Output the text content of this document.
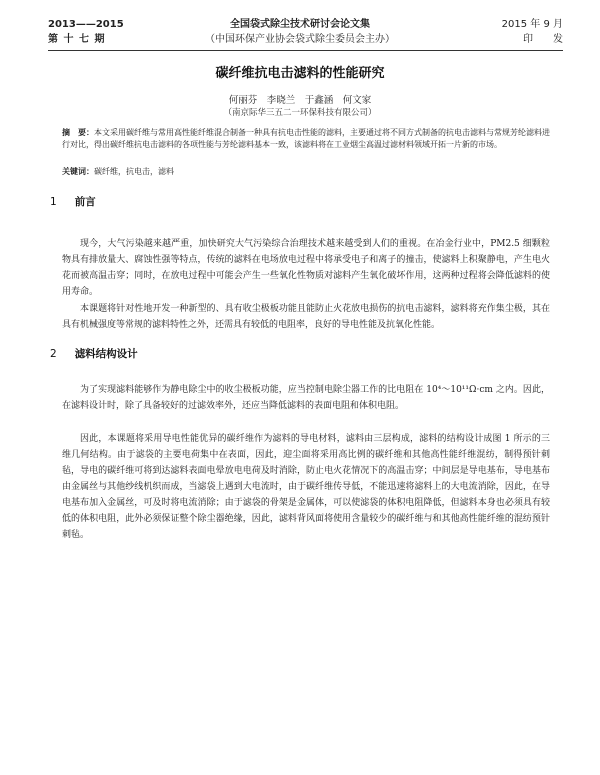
2013——2015
第 十 七 期
全国袋式除尘技术研讨会论文集
（中国环保产业协会袋式除尘委员会主办）
2015 年 9 月
印　　发
碳纤维抗电击滤料的性能研究
何丽芬　李晓兰　于鑫涵　何文家
（南京际华三五二一环保科技有限公司）
摘　要：本文采用碳纤维与常用高性能纤维混合制备一种具有抗电击性能的滤料，主要通过将不同方式制备的抗电击滤料与常规芳纶滤料进行对比，得出碳纤维抗电击滤料的各项性能与芳纶滤料基本一致，该滤料将在工业烟尘高温过滤材料领域开拓一片新的市场。
关键词：碳纤维，抗电击，滤料
1 前言
现今，大气污染越来越严重，加快研究大气污染综合治理技术越来越受到人们的重视。在冶金行业中，PM2.5 细颗粒物具有排放量大、腐蚀性强等特点，传统的滤料在电场放电过程中将承受电子和离子的撞击，使滤料上积聚静电，产生电火花而被高温击穿；同时，在放电过程中可能会产生一些氧化性物质对滤料产生氧化破坏作用，这两种过程将会降低滤料的使用寿命。
本课题将针对性地开发一种新型的、具有收尘极板功能且能防止火花放电损伤的抗电击滤料，滤料将充作集尘极，其在具有机械强度等常规的滤料特性之外，还需具有较低的电阻率，良好的导电性能及抗氧化性能。
2 滤料结构设计
为了实现滤料能够作为静电除尘中的收尘极板功能，应当控制电除尘器工作的比电阻在 10⁴～10¹¹Ω·cm 之内。因此，在滤料设计时，除了具备较好的过滤效率外，还应当降低滤料的表面电阻和体积电阻。
因此，本课题将采用导电性能优异的碳纤维作为滤料的导电材料，滤料由三层构成，滤料的结构设计成图 1 所示的三维几何结构。由于滤袋的主要电荷集中在表面，因此，迎尘面将采用高比例的碳纤维和其他高性能纤维混纺，制得预针刺毡，导电的碳纤维可将到达滤料表面电晕放电电荷及时消除，防止电火花情况下的高温击穿；中间层是导电基布，导电基布由金属丝与其他纱线机织而成，当滤袋上遇到大电流时，由于碳纤维传导低，不能迅速将滤料上的大电流消除，因此，在导电基布加入金属丝，可及时将电流消除；由于滤袋的骨架是金属体，可以使滤袋的体积电阻降低，但滤料本身也必须具有较低的体积电阻，此外必须保证整个除尘器绝缘，因此，滤料背风面将使用含量较少的碳纤维与和其他高性能纤维的混纺预针刺毡。
